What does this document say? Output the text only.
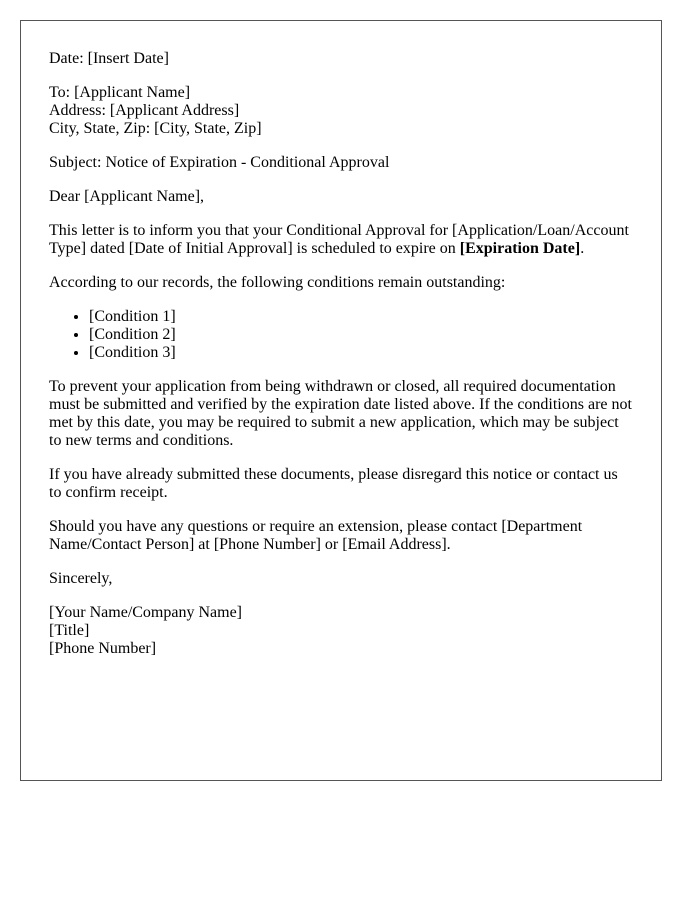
Date: [Insert Date]

To: [Applicant Name]
Address: [Applicant Address]
City, State, Zip: [City, State, Zip]

Subject: Notice of Expiration - Conditional Approval

Dear [Applicant Name],

This letter is to inform you that your Conditional Approval for [Application/Loan/Account Type] dated [Date of Initial Approval] is scheduled to expire on [Expiration Date].

According to our records, the following conditions remain outstanding:

• [Condition 1]
• [Condition 2]
• [Condition 3]

To prevent your application from being withdrawn or closed, all required documentation must be submitted and verified by the expiration date listed above. If the conditions are not met by this date, you may be required to submit a new application, which may be subject to new terms and conditions.

If you have already submitted these documents, please disregard this notice or contact us to confirm receipt.

Should you have any questions or require an extension, please contact [Department Name/Contact Person] at [Phone Number] or [Email Address].

Sincerely,

[Your Name/Company Name]
[Title]
[Phone Number]
